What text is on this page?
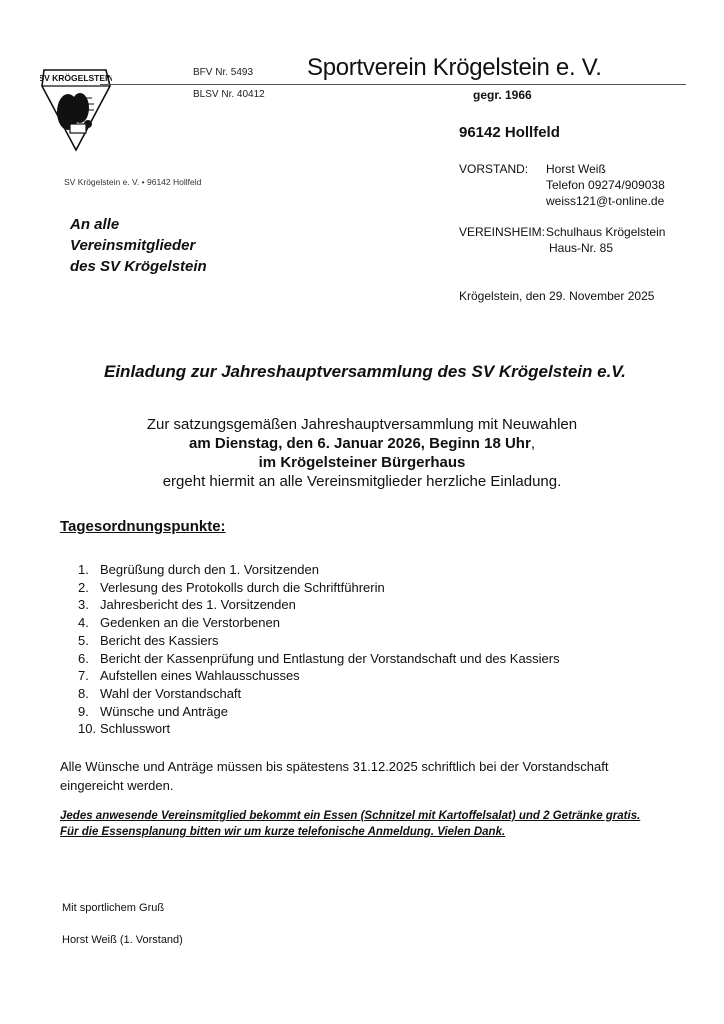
SV KRÖGELSTEIN	BFV Nr. 5493
BLSV Nr. 40412
Sportverein Krögelstein e. V.
gegr. 1966
96142 Hollfeld
VORSTAND: Horst Weiß
Telefon 09274/909038
weiss121@t-online.de
VEREINSHEIM: Schulhaus Krögelstein
Haus-Nr. 85
Krögelstein, den 29. November 2025
SV Krögelstein e. V. • 96142 Hollfeld
An alle
Vereinsmitglieder
des SV Krögelstein
Einladung zur Jahreshauptversammlung des SV Krögelstein e.V.
Zur satzungsgemäßen Jahreshauptversammlung mit Neuwahlen
am Dienstag, den 6. Januar 2026, Beginn 18 Uhr,
im Krögelsteiner Bürgerhaus
ergeht hiermit an alle Vereinsmitglieder herzliche Einladung.
Tagesordnungspunkte:
1. Begrüßung durch den 1. Vorsitzenden
2. Verlesung des Protokolls durch die Schriftführerin
3. Jahresbericht des 1. Vorsitzenden
4. Gedenken an die Verstorbenen
5. Bericht des Kassiers
6. Bericht der Kassenprüfung und Entlastung der Vorstandschaft und des Kassiers
7. Aufstellen eines Wahlausschusses
8. Wahl der Vorstandschaft
9. Wünsche und Anträge
10. Schlusswort
Alle Wünsche und Anträge müssen bis spätestens 31.12.2025 schriftlich bei der Vorstandschaft eingereicht werden.
Jedes anwesende Vereinsmitglied bekommt ein Essen (Schnitzel mit Kartoffelsalat) und 2 Getränke gratis.
Für die Essensplanung bitten wir um kurze telefonische Anmeldung. Vielen Dank.
Mit sportlichem Gruß
Horst Weiß (1. Vorstand)
